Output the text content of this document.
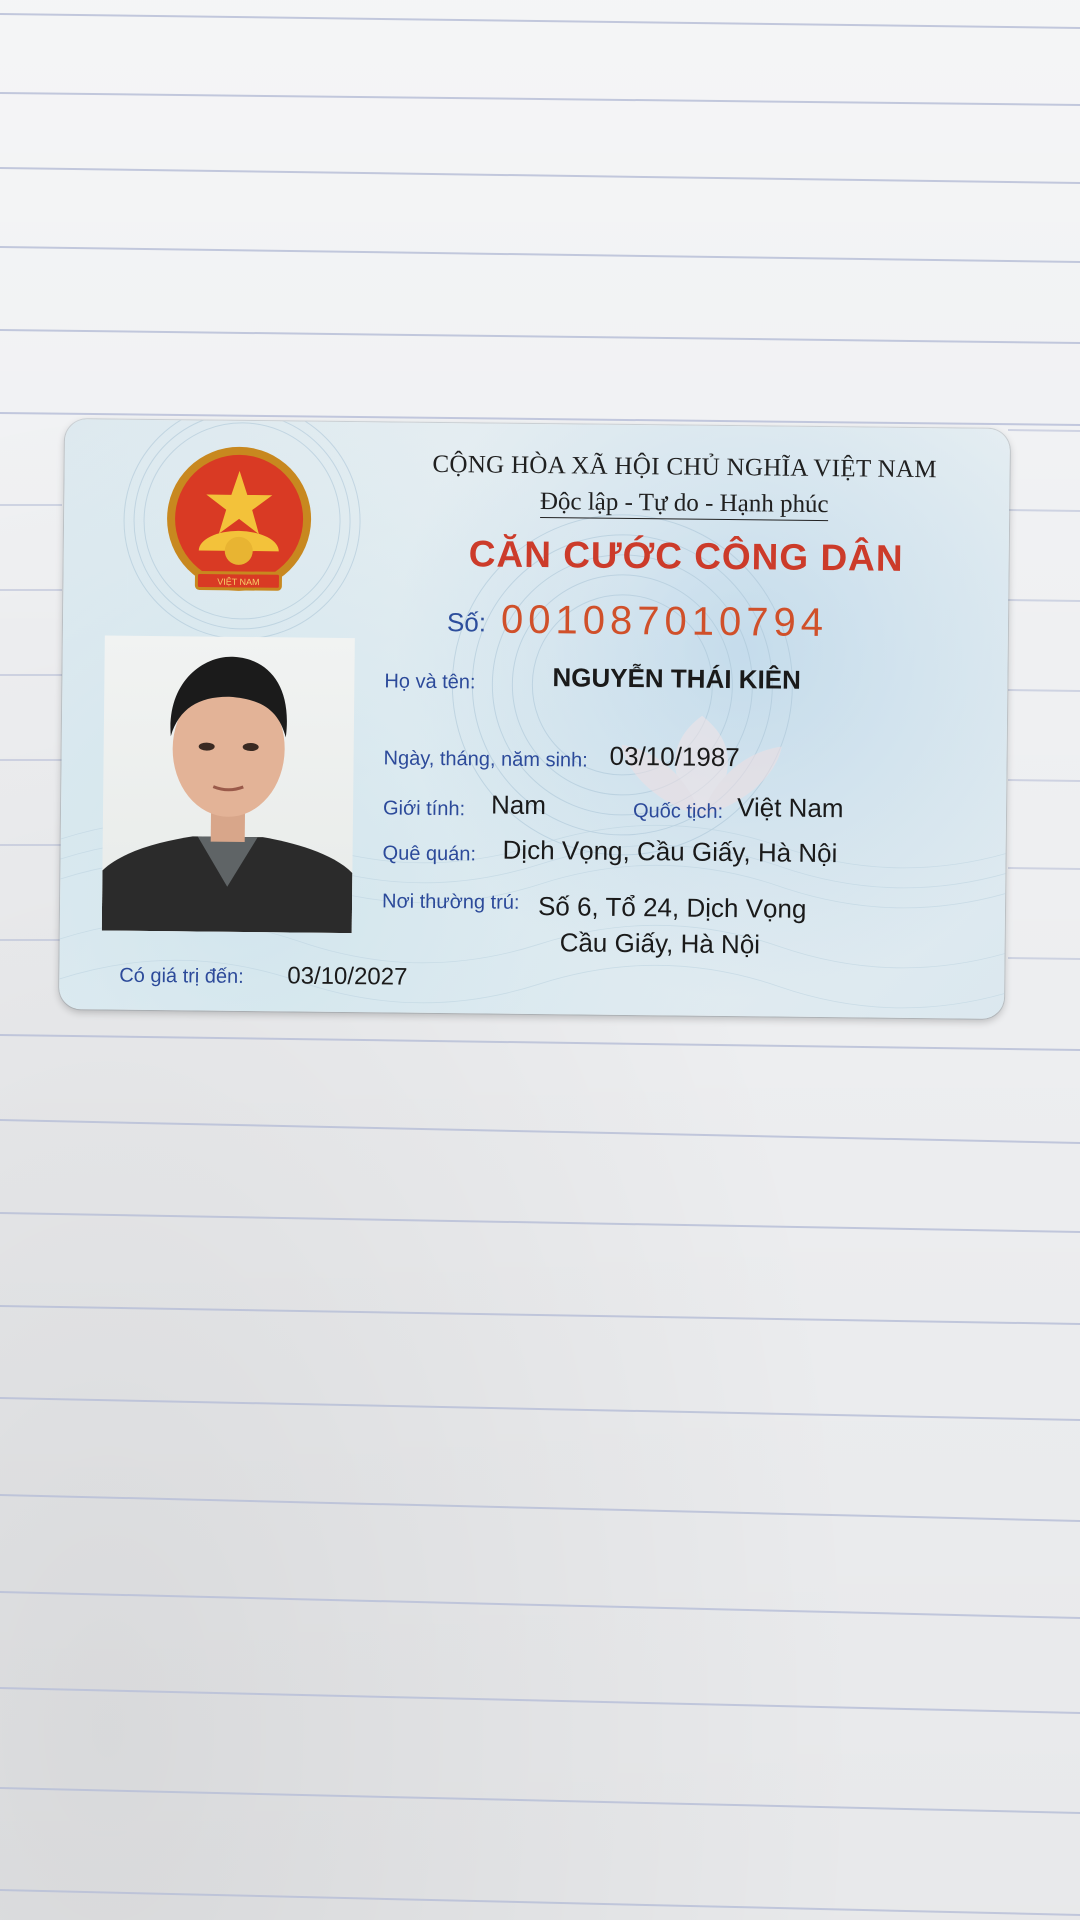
VIỆT NAM
CỘNG HÒA XÃ HỘI CHỦ NGHĨA VIỆT NAM
Độc lập - Tự do - Hạnh phúc
CĂN CƯỚC CÔNG DÂN
Số: 001087010794
Họ và tên:	NGUYỄN THÁI KIÊN
Ngày, tháng, năm sinh: 03/10/1987
Giới tính: Nam	Quốc tịch: Việt Nam
Quê quán: Dịch Vọng, Cầu Giấy, Hà Nội
Nơi thường trú: Số 6, Tổ 24, Dịch Vọng
Cầu Giấy, Hà Nội
Có giá trị đến: 03/10/2027
